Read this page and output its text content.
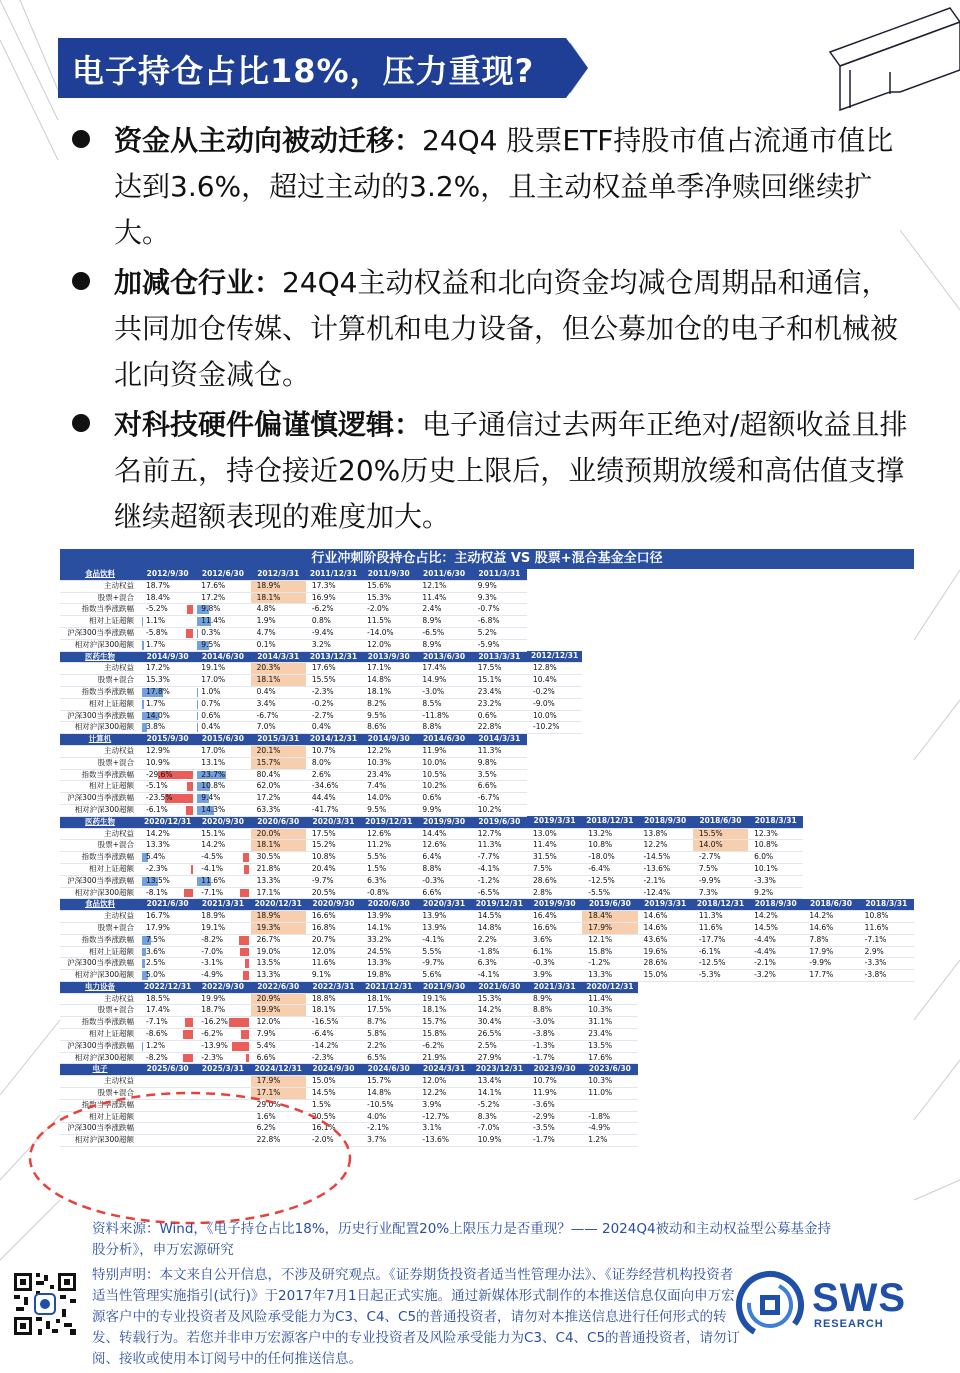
电子持仓占比18%，压力重现?
资金从主动向被动迁移：24Q4 股票ETF持股市值占流通市值比达到3.6%，超过主动的3.2%，且主动权益单季净赎回继续扩大。
加减仓行业：24Q4主动权益和北向资金均减仓周期品和通信，共同加仓传媒、计算机和电力设备，但公募加仓的电子和机械被北向资金减仓。
对科技硬件偏谨慎逻辑：电子通信过去两年正绝对/超额收益且排名前五，持仓接近20%历史上限后，业绩预期放缓和高估值支撑继续超额表现的难度加大。
行业冲刺阶段持仓占比：主动权益 VS 股票+混合基金全口径
食品饮料	2012/9/30	2012/6/30	2012/3/31	2011/12/31	2011/9/30	2011/6/30	2011/3/31							
主动权益	18.7%	17.6%	18.9%	17.3%	15.6%	12.1%	9.9%							
股票+混合	18.4%	17.2%	18.1%	16.9%	15.3%	11.4%	9.3%							
指数当季涨跌幅	-5.2%	9.8%	4.8%	-6.2%	-2.0%	2.4%	-0.7%							
相对上证超额	1.1%	11.4%	1.9%	0.8%	11.5%	8.9%	-6.8%							
沪深300当季涨跌幅	-5.8%	0.3%	4.7%	-9.4%	-14.0%	-6.5%	5.2%							
相对沪深300超额	1.7%	9.5%	0.1%	3.2%	12.0%	8.9%	-5.9%							
医药生物	2014/9/30	2014/6/30	2014/3/31	2013/12/31	2013/9/30	2013/6/30	2013/3/31	2012/12/31						
主动权益	17.2%	19.1%	20.3%	17.6%	17.1%	17.4%	17.5%	12.8%						
股票+混合	15.3%	17.0%	18.1%	15.5%	14.8%	14.9%	15.1%	10.4%						
指数当季涨跌幅	17.8%	1.0%	0.4%	-2.3%	18.1%	-3.0%	23.4%	-0.2%						
相对上证超额	1.7%	0.7%	3.4%	-0.2%	8.2%	8.5%	23.2%	-9.0%						
沪深300当季涨跌幅	14.0%	0.6%	-6.7%	-2.7%	9.5%	-11.8%	0.6%	10.0%						
相对沪深300超额	3.8%	0.4%	7.0%	0.4%	8.6%	8.8%	22.8%	-10.2%						
计算机	2015/9/30	2015/6/30	2015/3/31	2014/12/31	2014/9/30	2014/6/30	2014/3/31							
主动权益	12.9%	17.0%	20.1%	10.7%	12.2%	11.9%	11.3%							
股票+混合	10.9%	13.1%	15.7%	8.0%	10.3%	10.0%	9.8%							
指数当季涨跌幅	-29.6%	23.7%	80.4%	2.6%	23.4%	10.5%	3.5%							
相对上证超额	-5.1%	10.8%	62.0%	-34.6%	7.4%	10.2%	6.6%							
沪深300当季涨跌幅	-23.5%	9.4%	17.2%	44.4%	14.0%	0.6%	-6.7%							
相对沪深300超额	-6.1%	14.3%	63.3%	-41.7%	9.5%	9.9%	10.2%							
医药生物	2020/12/31	2020/9/30	2020/6/30	2020/3/31	2019/12/31	2019/9/30	2019/6/30	2019/3/31	2018/12/31	2018/9/30	2018/6/30	2018/3/31		
主动权益	14.2%	15.1%	20.0%	17.5%	12.6%	14.4%	12.7%	13.0%	13.2%	13.8%	15.5%	12.3%		
股票+混合	13.3%	14.2%	18.1%	15.2%	11.2%	12.6%	11.3%	11.4%	10.8%	12.2%	14.0%	10.8%		
指数当季涨跌幅	5.4%	-4.5%	30.5%	10.8%	5.5%	6.4%	-7.7%	31.5%	-18.0%	-14.5%	-2.7%	6.0%		
相对上证超额	-2.3%	-4.1%	21.8%	20.4%	1.5%	8.8%	-4.1%	7.5%	-6.4%	-13.6%	7.5%	10.1%		
沪深300当季涨跌幅	13.5%	11.6%	13.3%	-9.7%	6.3%	-0.3%	-1.2%	28.6%	-12.5%	-2.1%	-9.9%	-3.3%		
相对沪深300超额	-8.1%	-7.1%	17.1%	20.5%	-0.8%	6.6%	-6.5%	2.8%	-5.5%	-12.4%	7.3%	9.2%		
食品饮料	2021/6/30	2021/3/31	2020/12/31	2020/9/30	2020/6/30	2020/3/31	2019/12/31	2019/9/30	2019/6/30	2019/3/31	2018/12/31	2018/9/30	2018/6/30	2018/3/31
主动权益	16.7%	18.9%	18.9%	16.6%	13.9%	13.9%	14.5%	16.4%	18.4%	14.6%	11.3%	14.2%	14.2%	10.8%
股票+混合	17.9%	19.1%	19.3%	16.8%	14.1%	13.9%	14.8%	16.6%	17.9%	14.6%	11.6%	14.5%	14.6%	11.6%
指数当季涨跌幅	7.5%	-8.2%	26.7%	20.7%	33.2%	-4.1%	2.2%	3.6%	12.1%	43.6%	-17.7%	-4.4%	7.8%	-7.1%
相对上证超额	3.6%	-7.0%	19.0%	12.0%	24.5%	5.5%	-1.8%	6.1%	15.8%	19.6%	-6.1%	-4.4%	17.9%	2.9%
沪深300当季涨跌幅	2.5%	-3.1%	13.5%	11.6%	13.3%	-9.7%	6.3%	-0.3%	-1.2%	28.6%	-12.5%	-2.1%	-9.9%	-3.3%
相对沪深300超额	5.0%	-4.9%	13.3%	9.1%	19.8%	5.6%	-4.1%	3.9%	13.3%	15.0%	-5.3%	-3.2%	17.7%	-3.8%
电力设备	2022/12/31	2022/9/30	2022/6/30	2022/3/31	2021/12/31	2021/9/30	2021/6/30	2021/3/31	2020/12/31					
主动权益	18.5%	19.9%	20.9%	18.8%	18.1%	19.1%	15.3%	8.9%	11.4%					
股票+混合	17.4%	18.7%	19.9%	18.1%	17.5%	18.1%	14.2%	8.8%	10.3%					
指数当季涨跌幅	-7.1%	-16.2%	12.0%	-16.5%	8.7%	15.7%	30.4%	-3.0%	31.1%					
相对上证超额	-8.6%	-6.2%	7.9%	-6.4%	5.8%	15.8%	26.5%	-3.8%	23.4%					
沪深300当季涨跌幅	1.2%	-13.9%	5.4%	-14.2%	2.2%	-6.2%	2.5%	-1.3%	13.5%					
相对沪深300超额	-8.2%	-2.3%	6.6%	-2.3%	6.5%	21.9%	27.9%	-1.7%	17.6%					
电子	2025/6/30	2025/3/31	2024/12/31	2024/9/30	2024/6/30	2024/3/31	2023/12/31	2023/9/30	2023/6/30					
主动权益			17.9%	15.0%	15.7%	12.0%	13.4%	10.7%	10.3%					
股票+混合			17.1%	14.5%	14.8%	12.2%	14.1%	11.9%	11.0%					
指数当季涨跌幅			29.0%	1.5%	-10.5%	3.9%	-5.2%	-3.6%						
相对上证超额			1.6%	20.5%	4.0%	-12.7%	8.3%	-2.9%	-1.8%					
沪深300当季涨跌幅			6.2%	16.1%	-2.1%	3.1%	-7.0%	-3.5%	-4.9%					
相对沪深300超额			22.8%	-2.0%	3.7%	-13.6%	10.9%	-1.7%	1.2%					
资料来源：Wind，《电子持仓占比18%，历史行业配置20%上限压力是否重现？—— 2024Q4被动和主动权益型公募基金持股分析》，申万宏源研究
特别声明：本文来自公开信息，不涉及研究观点。《证券期货投资者适当性管理办法》、《证券经营机构投资者适当性管理实施指引(试行)》于2017年7月1日起正式实施。通过新媒体形式制作的本推送信息仅面向申万宏源客户中的专业投资者及风险承受能力为C3、C4、C5的普通投资者，请勿对本推送信息进行任何形式的转发、转载行为。若您并非申万宏源客户中的专业投资者及风险承受能力为C3、C4、C5的普通投资者，请勿订阅、接收或使用本订阅号中的任何推送信息。
SWS
RESEARCH
